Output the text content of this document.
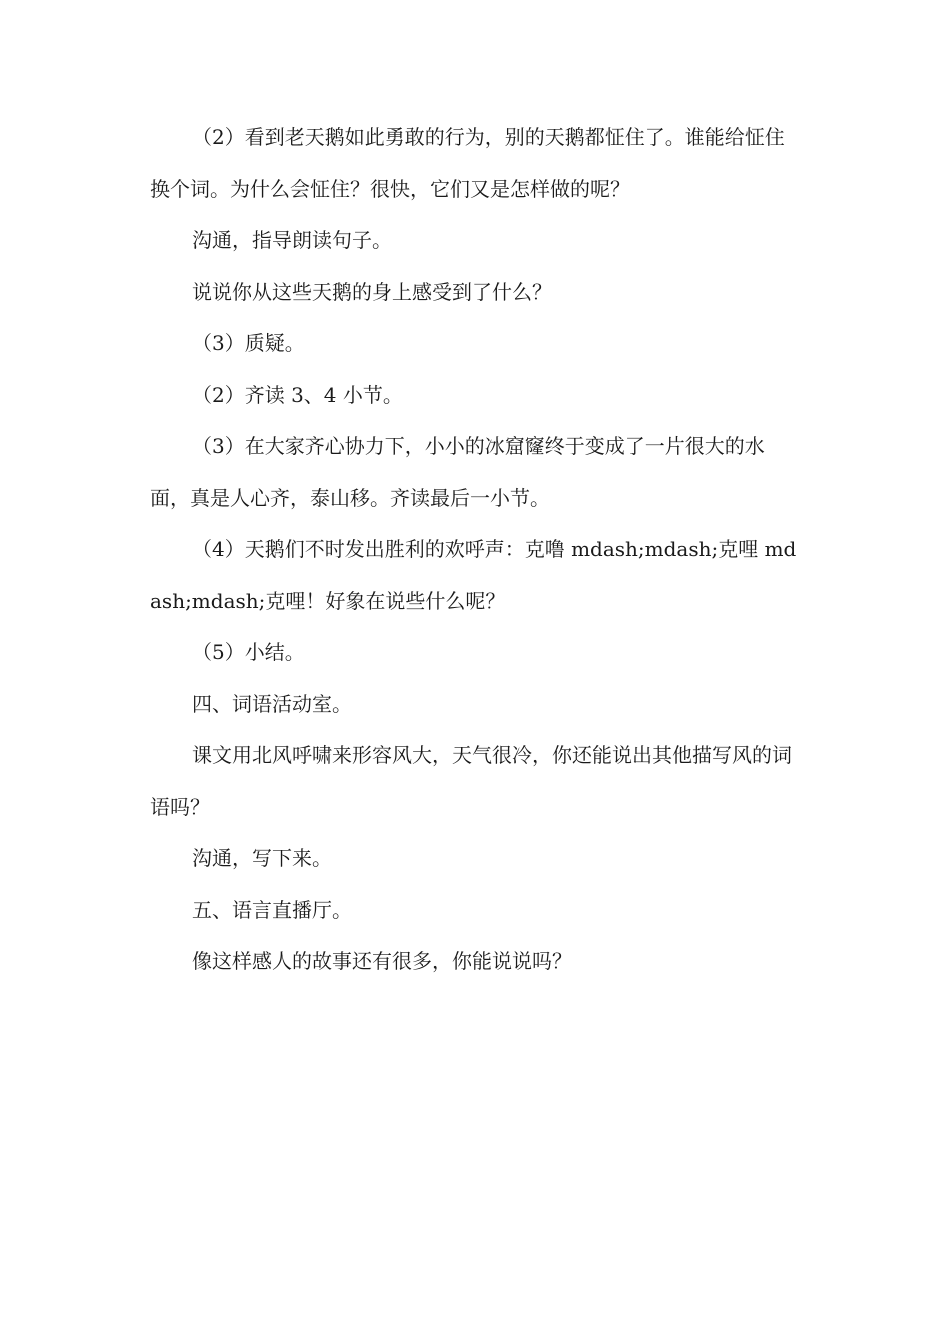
（2）看到老天鹅如此勇敢的行为，别的天鹅都怔住了。谁能给怔住换个词。为什么会怔住？很快，它们又是怎样做的呢？

沟通，指导朗读句子。

说说你从这些天鹅的身上感受到了什么？

（3）质疑。

（2）齐读 3、4 小节。

（3）在大家齐心协力下，小小的冰窟窿终于变成了一片很大的水面，真是人心齐，泰山移。齐读最后一小节。

（4）天鹅们不时发出胜利的欢呼声：克噜 mdash;mdash;克哩 mdash;mdash;克哩！好象在说些什么呢？

（5）小结。

四、词语活动室。

课文用北风呼啸来形容风大，天气很冷，你还能说出其他描写风的词语吗？

沟通，写下来。

五、语言直播厅。

像这样感人的故事还有很多，你能说说吗？
